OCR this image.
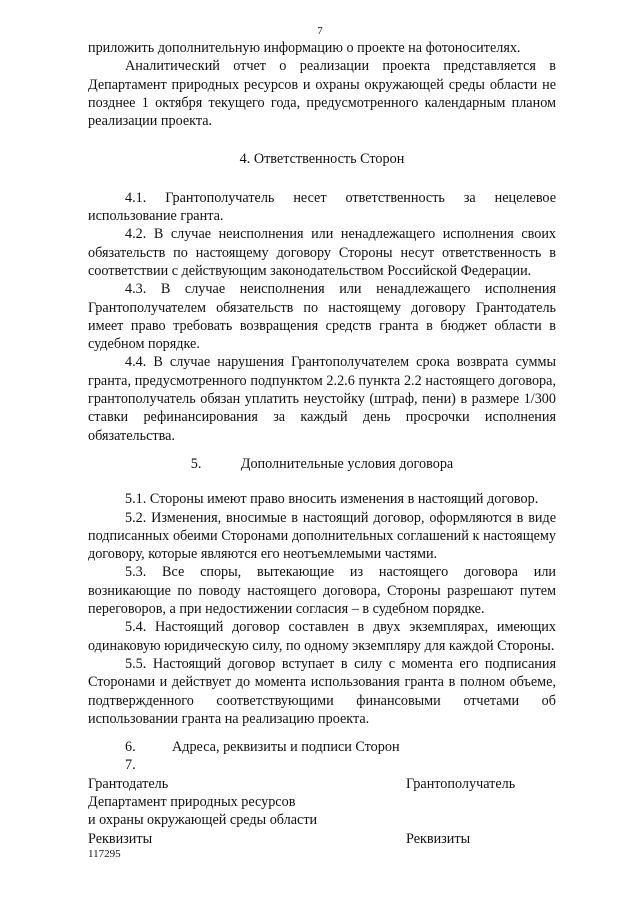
7

приложить дополнительную информацию о проекте на фотоносителях.

Аналитический отчет о реализации проекта представляется в Департамент природных ресурсов и охраны окружающей среды области не позднее 1 октября текущего года, предусмотренного календарным планом реализации проекта.

4. Ответственность Сторон

4.1. Грантополучатель несет ответственность за нецелевое использование гранта.

4.2. В случае неисполнения или ненадлежащего исполнения своих обязательств по настоящему договору Стороны несут ответственность в соответствии с действующим законодательством Российской Федерации.

4.3. В случае неисполнения или ненадлежащего исполнения Грантополучателем обязательств по настоящему договору Грантодатель имеет право требовать возвращения средств гранта в бюджет области в судебном порядке.

4.4. В случае нарушения Грантополучателем срока возврата суммы гранта, предусмотренного подпунктом 2.2.6 пункта 2.2 настоящего договора, грантополучатель обязан уплатить неустойку (штраф, пени) в размере 1/300 ставки рефинансирования за каждый день просрочки исполнения обязательства.

5.	Дополнительные условия договора

5.1. Стороны имеют право вносить изменения в настоящий договор.

5.2. Изменения, вносимые в настоящий договор, оформляются в виде подписанных обеими Сторонами дополнительных соглашений к настоящему договору, которые являются его неотъемлемыми частями.

5.3. Все споры, вытекающие из настоящего договора или возникающие по поводу настоящего договора, Стороны разрешают путем переговоров, а при недостижении согласия – в судебном порядке.

5.4. Настоящий договор составлен в двух экземплярах, имеющих одинаковую юридическую силу, по одному экземпляру для каждой Стороны.

5.5. Настоящий договор вступает в силу с момента его подписания Сторонами и действует до момента использования гранта в полном объеме, подтвержденного соответствующими финансовыми отчетами об использовании гранта на реализацию проекта.

6.	Адреса, реквизиты и подписи Сторон

7.

Грантодатель	Грантополучатель
Департамент природных ресурсов
и охраны окружающей среды области
Реквизиты	Реквизиты
117295
